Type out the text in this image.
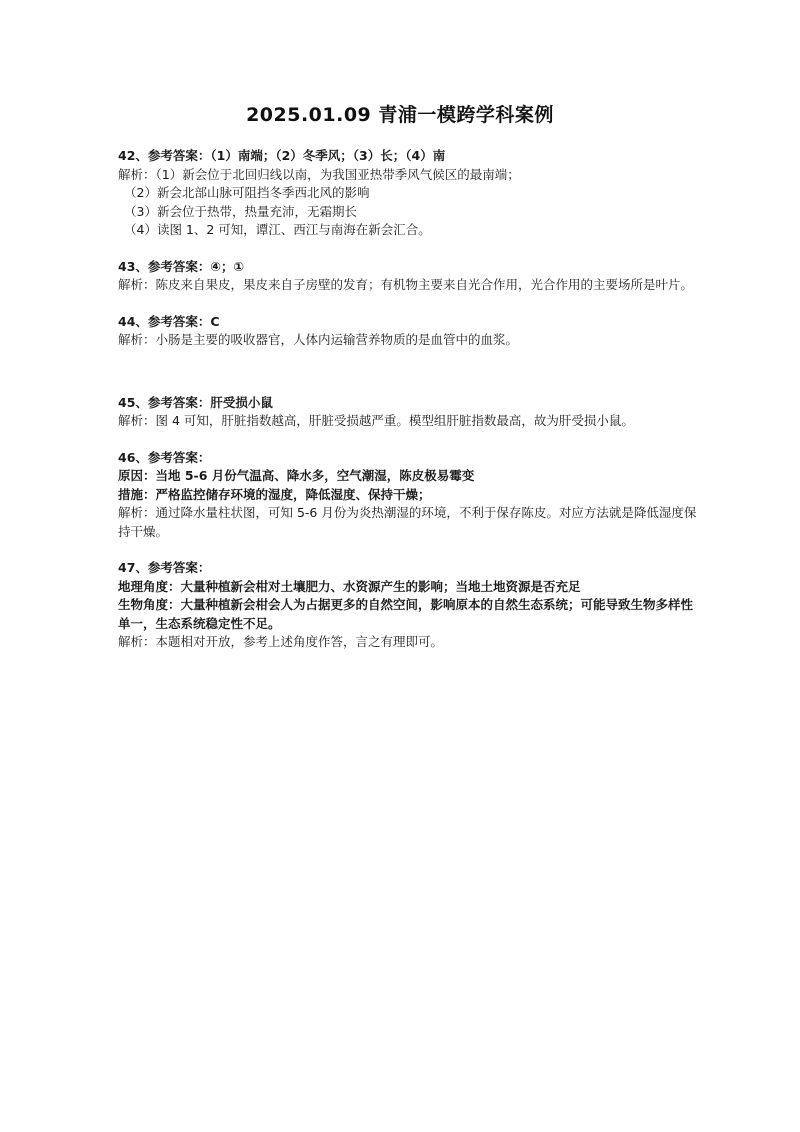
2025.01.09 青浦一模跨学科案例
42、参考答案：（1）南端；（2）冬季风；（3）长；（4）南
解析：（1）新会位于北回归线以南，为我国亚热带季风气候区的最南端；
（2）新会北部山脉可阻挡冬季西北风的影响
（3）新会位于热带，热量充沛，无霜期长
（4）读图 1、2 可知，谭江、西江与南海在新会汇合。
43、参考答案：④；①
解析：陈皮来自果皮，果皮来自子房壁的发育；有机物主要来自光合作用，光合作用的主要场所是叶片。
44、参考答案：C
解析：小肠是主要的吸收器官，人体内运输营养物质的是血管中的血浆。
45、参考答案：肝受损小鼠
解析：图 4 可知，肝脏指数越高，肝脏受损越严重。模型组肝脏指数最高，故为肝受损小鼠。
46、参考答案：
原因：当地 5-6 月份气温高、降水多，空气潮湿，陈皮极易霉变
措施：严格监控储存环境的湿度，降低湿度、保持干燥；
解析：通过降水量柱状图，可知 5-6 月份为炎热潮湿的环境，不利于保存陈皮。对应方法就是降低湿度保持干燥。
47、参考答案：
地理角度：大量种植新会柑对土壤肥力、水资源产生的影响；当地土地资源是否充足
生物角度：大量种植新会柑会人为占据更多的自然空间，影响原本的自然生态系统；可能导致生物多样性单一，生态系统稳定性不足。
解析：本题相对开放，参考上述角度作答，言之有理即可。
